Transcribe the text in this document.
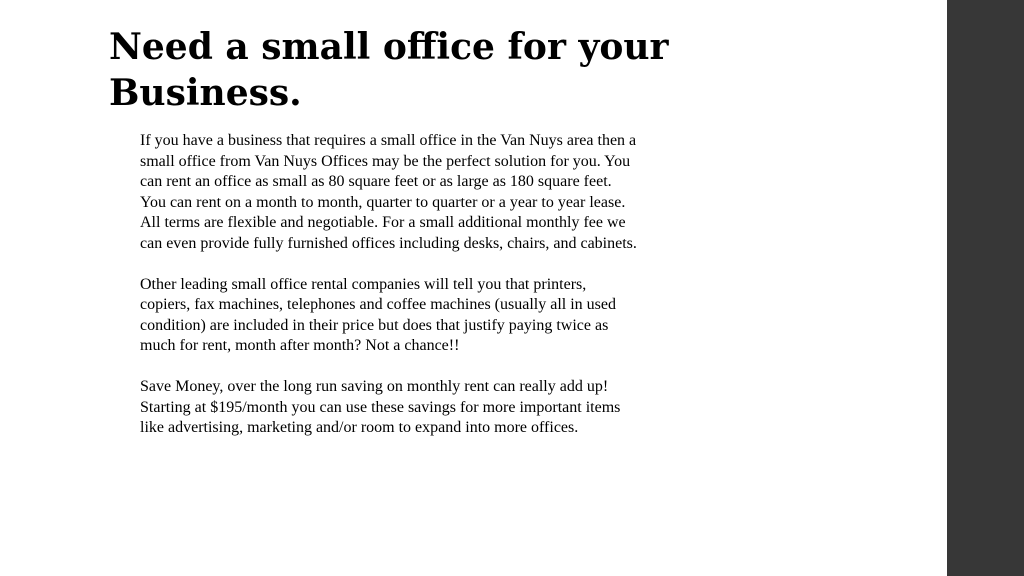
Need a small office for your Business.

If you have a business that requires a small office in the Van Nuys area then a small office from Van Nuys Offices may be the perfect solution for you. You can rent an office as small as 80 square feet or as large as 180 square feet. You can rent on a month to month, quarter to quarter or a year to year lease. All terms are flexible and negotiable. For a small additional monthly fee we can even provide fully furnished offices including desks, chairs, and cabinets.

Other leading small office rental companies will tell you that printers, copiers, fax machines, telephones and coffee machines (usually all in used condition) are included in their price but does that justify paying twice as much for rent, month after month? Not a chance!!

Save Money, over the long run saving on monthly rent can really add up! Starting at $195/month you can use these savings for more important items like advertising, marketing and/or room to expand into more offices.
